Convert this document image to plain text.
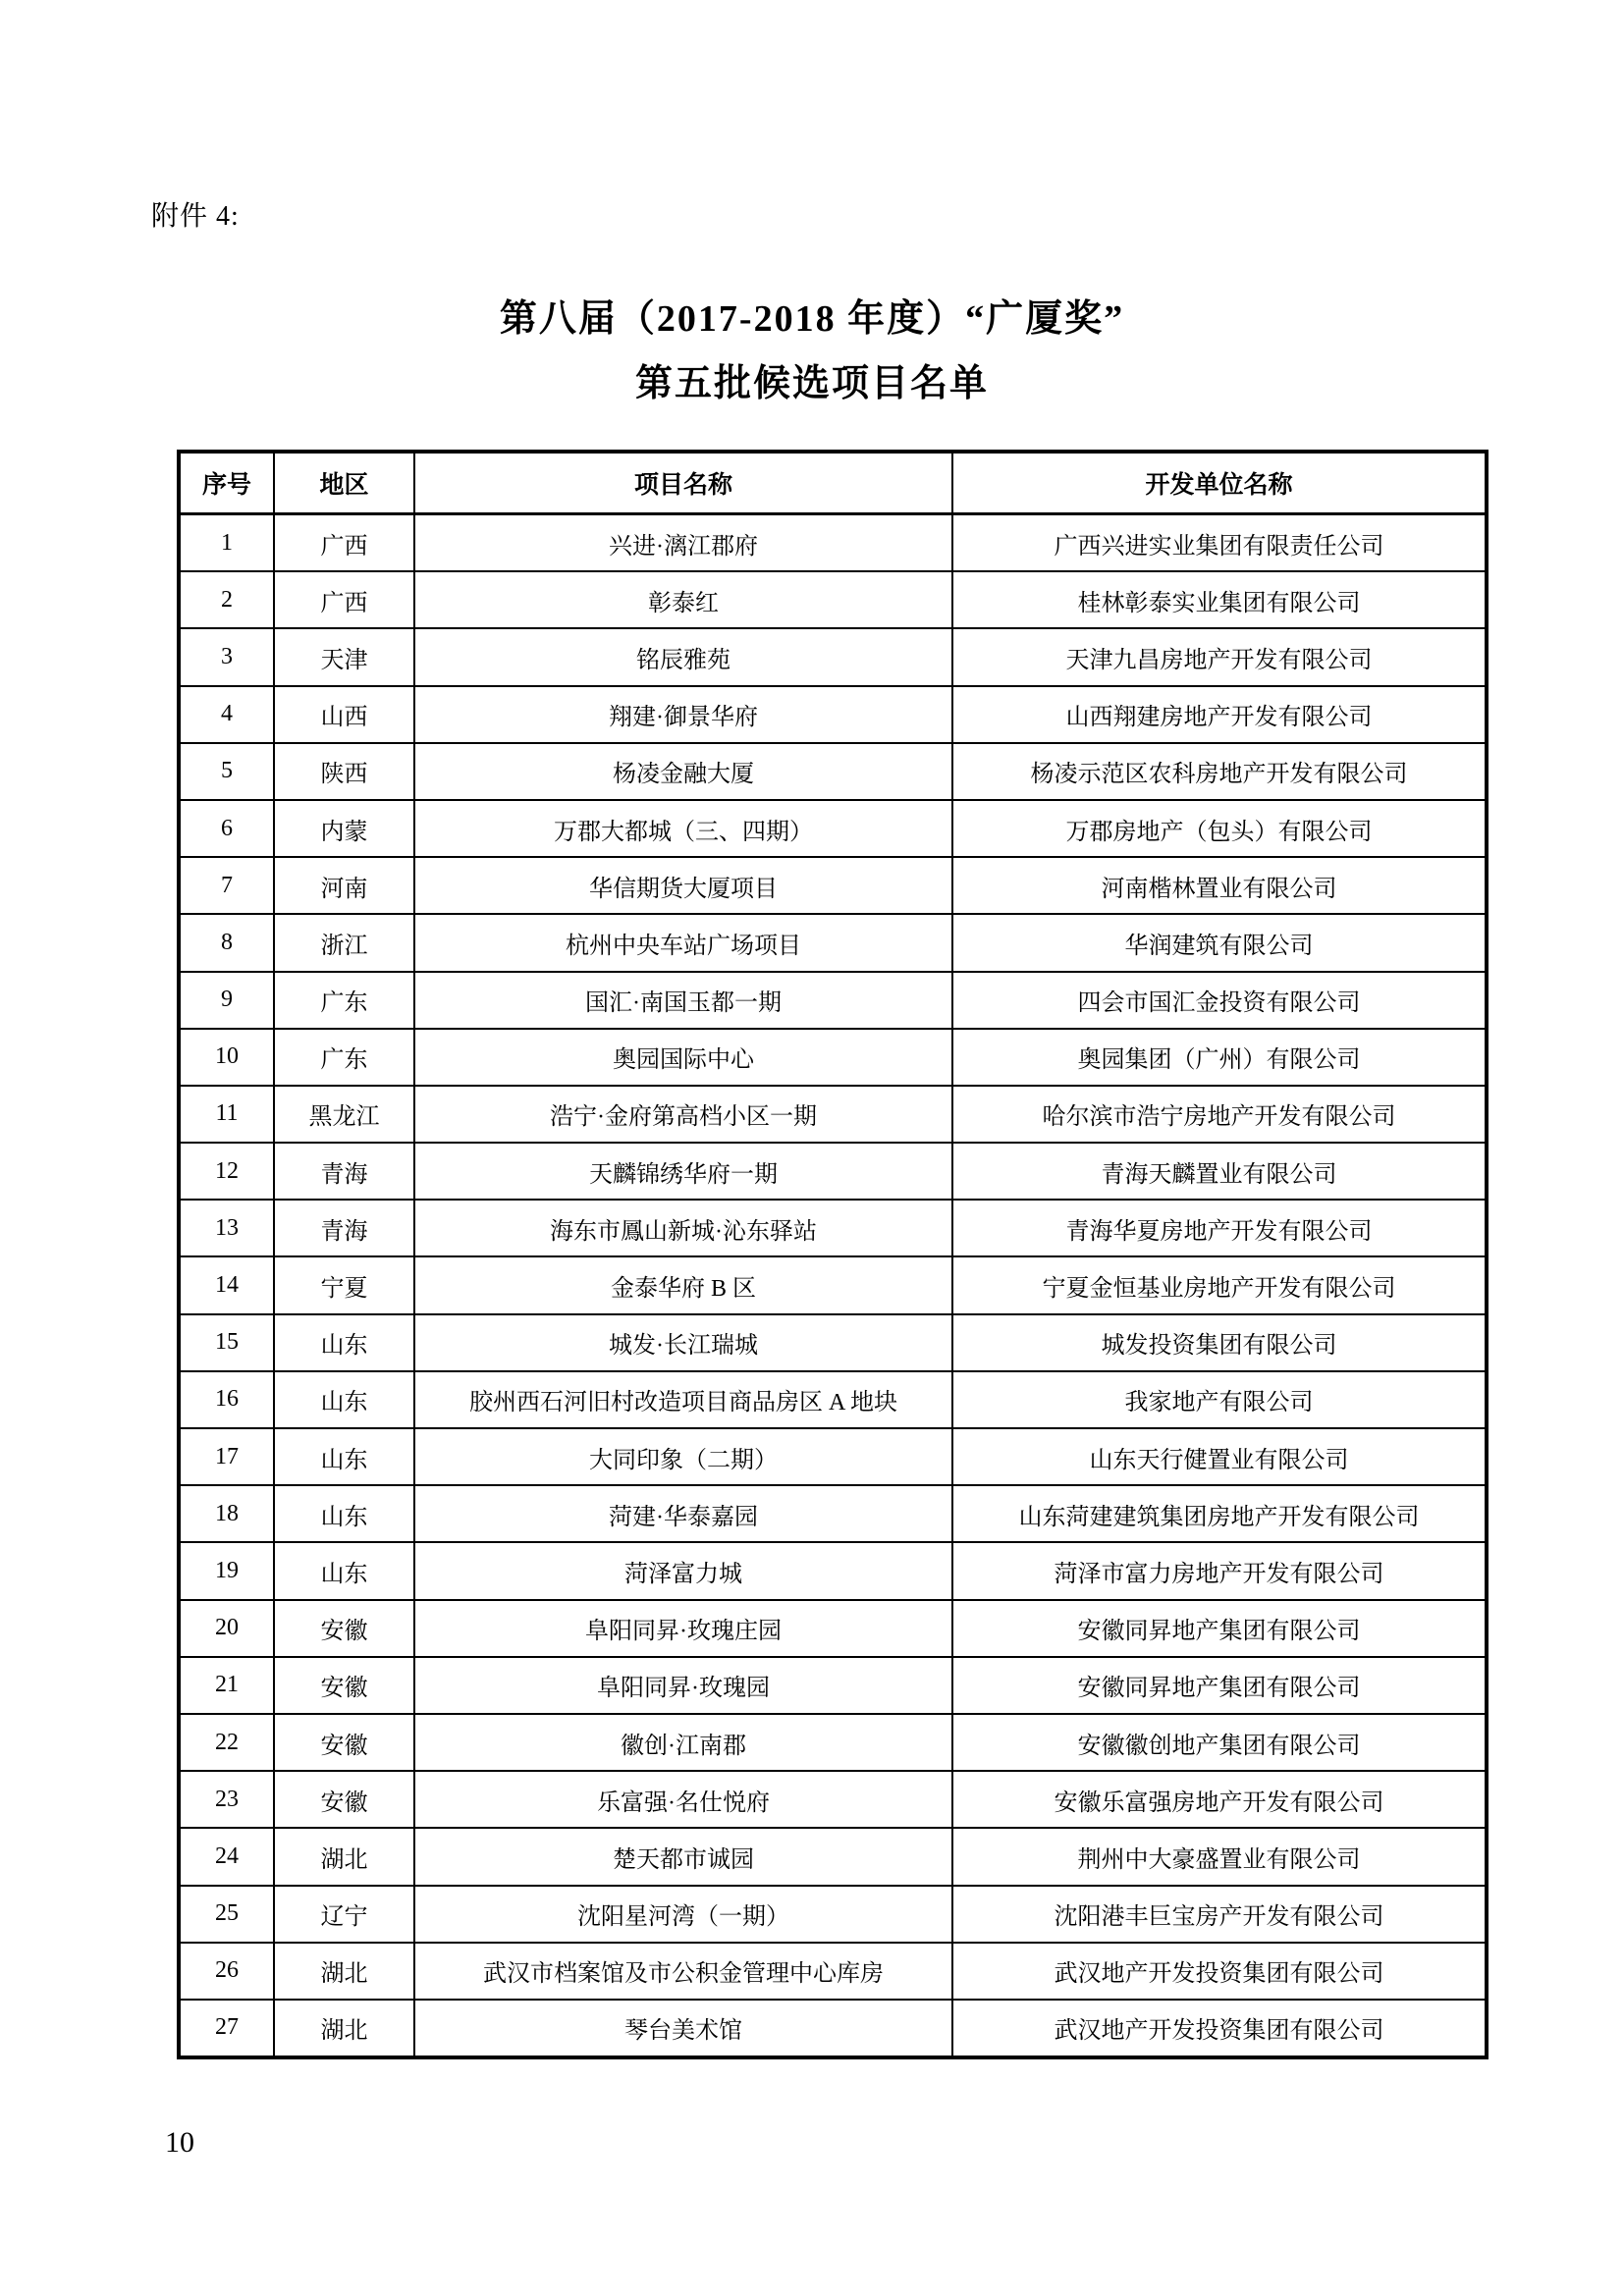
附件 4:
第八届（2017-2018 年度）“广厦奖”
第五批候选项目名单
序号	地区	项目名称	开发单位名称
1	广西	兴进·漓江郡府	广西兴进实业集团有限责任公司
2	广西	彰泰红	桂林彰泰实业集团有限公司
3	天津	铭辰雅苑	天津九昌房地产开发有限公司
4	山西	翔建·御景华府	山西翔建房地产开发有限公司
5	陕西	杨凌金融大厦	杨凌示范区农科房地产开发有限公司
6	内蒙	万郡大都城（三、四期）	万郡房地产（包头）有限公司
7	河南	华信期货大厦项目	河南楷林置业有限公司
8	浙江	杭州中央车站广场项目	华润建筑有限公司
9	广东	国汇·南国玉都一期	四会市国汇金投资有限公司
10	广东	奥园国际中心	奥园集团（广州）有限公司
11	黑龙江	浩宁·金府第高档小区一期	哈尔滨市浩宁房地产开发有限公司
12	青海	天麟锦绣华府一期	青海天麟置业有限公司
13	青海	海东市鳳山新城·沁东驿站	青海华夏房地产开发有限公司
14	宁夏	金泰华府 B 区	宁夏金恒基业房地产开发有限公司
15	山东	城发·长江瑞城	城发投资集团有限公司
16	山东	胶州西石河旧村改造项目商品房区 A 地块	我家地产有限公司
17	山东	大同印象（二期）	山东天行健置业有限公司
18	山东	菏建·华泰嘉园	山东菏建建筑集团房地产开发有限公司
19	山东	菏泽富力城	菏泽市富力房地产开发有限公司
20	安徽	阜阳同昇·玫瑰庄园	安徽同昇地产集团有限公司
21	安徽	阜阳同昇·玫瑰园	安徽同昇地产集团有限公司
22	安徽	徽创·江南郡	安徽徽创地产集团有限公司
23	安徽	乐富强·名仕悦府	安徽乐富强房地产开发有限公司
24	湖北	楚天都市诚园	荆州中大豪盛置业有限公司
25	辽宁	沈阳星河湾（一期）	沈阳港丰巨宝房产开发有限公司
26	湖北	武汉市档案馆及市公积金管理中心库房	武汉地产开发投资集团有限公司
27	湖北	琴台美术馆	武汉地产开发投资集团有限公司
10
